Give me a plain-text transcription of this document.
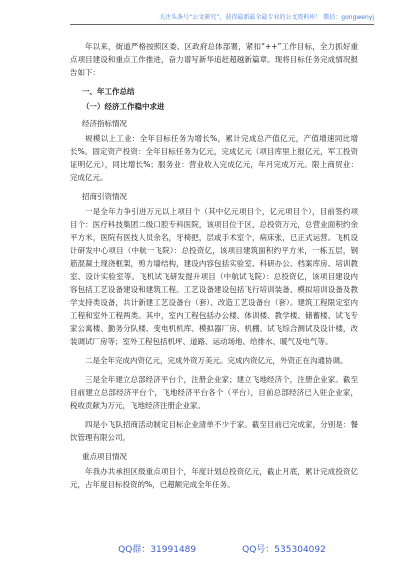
关注头条号“公文研究”，获得最新最全最专业的公文资料库！ 微信：gongwenyj

年以来，街道严格按照区委、区政府总体部署，紧扣“++”工作目标，全力抓好重点项目建设和重点工作推进，奋力谱写新华追赶超越新篇章。现将目标任务完成情况报告如下：

一、年工作总结
（一）经济工作稳中求进
经济指标情况

规模以上工业：全年目标任务为增长%，累计完成总产值亿元，产值增速同比增长%。固定资产投资：全年目标任务为亿元，完成亿元（项目库里上报亿元，军工投资证明亿元），同比增长%；服务业：营业收入完成亿元，年月完成万元。限上商贸业：完成亿元。

招商引资情况

一是全年力争引进万元以上项目个（其中亿元项目个，亿元项目个），目前签约项目个：医疗科技集团二级口腔专科医院，该项目位于区，总投资万元，总营业面积约余平方米，医院有医技人员余名，牙椅把，层或手术室个，病床张，已正式运营。飞机设计研发中心项目（中航一飞院）：总投资亿，该项目建筑面积约平方米，一栋五层，钢筋混凝土现浇框架，剪力墙结构，建设内容包括实验室、科研办公、档案库房、培训教室、设计实验室等。飞机试飞研发提升项目（中航试飞院）：总投资亿，该项目建设内容包括工艺设备建设和建筑工程。工艺设备建设包括飞行培训装备、模拟培训设备及教学支持类设备，共计新建工艺设备台（套）、改造工艺设备台（套）。建筑工程限定室内工程和室外工程两类。其中，室内工程包括办公楼、体训楼、教学楼、储蓄楼、试飞专家公寓楼、勤务分队楼、变电机机库、模拟器厂房、机棚、试飞综合测试及设计楼，改装调试厂房等；室外工程包括机坪、道路、运动场地、给排水、暖气及电气等。

二是全年完成内资亿元，完成外资万美元。完成内资亿元，外资正在沟通协调。

三是全年建立总部经济平台个，注册企业家；建立飞地经济个，注册企业家。截至目前建立总部经济平台个，飞地经济平台各个（平台），目前总部经济已入驻企业家，税收贡献为万元，飞地经济注册企业家。

四是小飞队招商活动制定目标企业清单不少于家。截至目前已完成家，分别是：餐饮管理有限公司。

重点项目情况

年我办共承担区级重点项目个，年度计划总投资亿元，截止月底，累计完成投资亿元，占年度目标投资的%，已超额完成全年任务。

QQ群：31991489	QQ号：535304092
